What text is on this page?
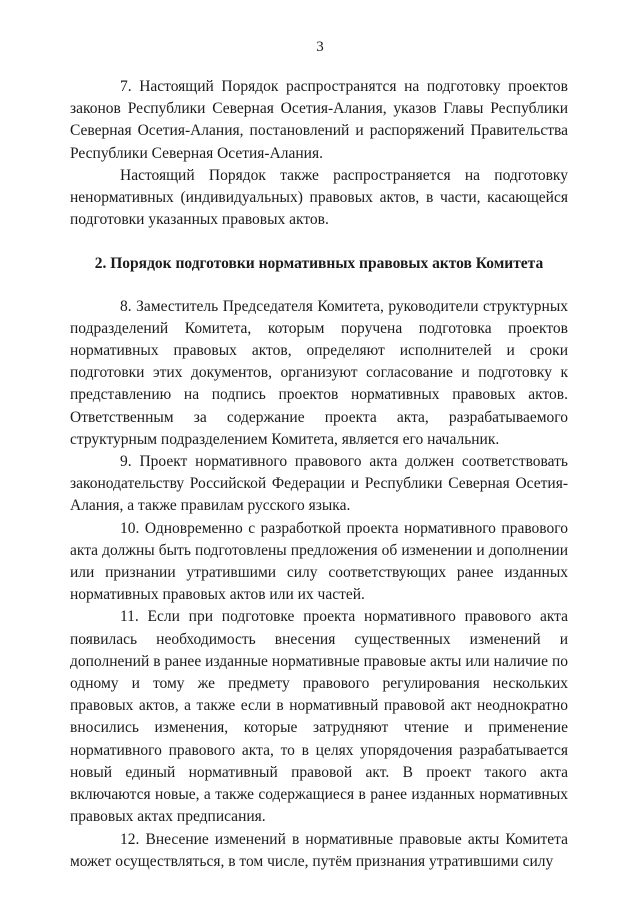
3

7. Настоящий Порядок распространятся на подготовку проектов законов Республики Северная Осетия-Алания, указов Главы Республики Северная Осетия-Алания, постановлений и распоряжений Правительства Республики Северная Осетия-Алания.

Настоящий Порядок также распространяется на подготовку ненормативных (индивидуальных) правовых актов, в части, касающейся подготовки указанных правовых актов.

2. Порядок подготовки нормативных правовых актов Комитета

8. Заместитель Председателя Комитета, руководители структурных подразделений Комитета, которым поручена подготовка проектов нормативных правовых актов, определяют исполнителей и сроки подготовки этих документов, организуют согласование и подготовку к представлению на подпись проектов нормативных правовых актов. Ответственным за содержание проекта акта, разрабатываемого структурным подразделением Комитета, является его начальник.

9. Проект нормативного правового акта должен соответствовать законодательству Российской Федерации и Республики Северная Осетия-Алания, а также правилам русского языка.

10. Одновременно с разработкой проекта нормативного правового акта должны быть подготовлены предложения об изменении и дополнении или признании утратившими силу соответствующих ранее изданных нормативных правовых актов или их частей.

11. Если при подготовке проекта нормативного правового акта появилась необходимость внесения существенных изменений и дополнений в ранее изданные нормативные правовые акты или наличие по одному и тому же предмету правового регулирования нескольких правовых актов, а также если в нормативный правовой акт неоднократно вносились изменения, которые затрудняют чтение и применение нормативного правового акта, то в целях упорядочения разрабатывается новый единый нормативный правовой акт. В проект такого акта включаются новые, а также содержащиеся в ранее изданных нормативных правовых актах предписания.

12. Внесение изменений в нормативные правовые акты Комитета может осуществляться, в том числе, путём признания утратившими силу
